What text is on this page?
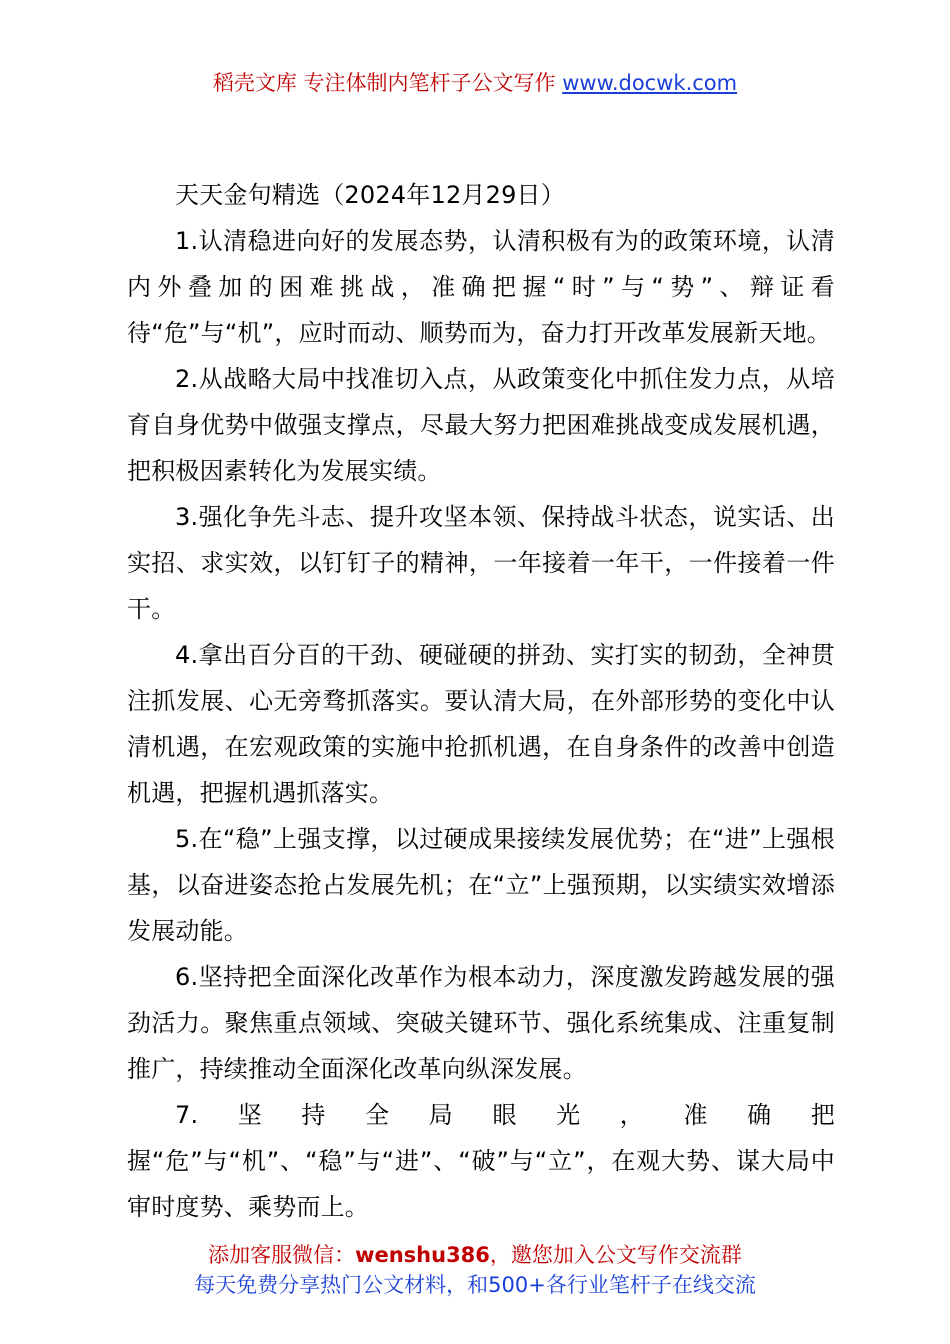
稻壳文库 专注体制内笔杆子公文写作 www.docwk.com

天天金句精选（2024年12月29日）

1.认清稳进向好的发展态势，认清积极有为的政策环境，认清内外叠加的困难挑战，准确把握“时”与“势”、辩证看待“危”与“机”，应时而动、顺势而为，奋力打开改革发展新天地。

2.从战略大局中找准切入点，从政策变化中抓住发力点，从培育自身优势中做强支撑点，尽最大努力把困难挑战变成发展机遇，把积极因素转化为发展实绩。

3.强化争先斗志、提升攻坚本领、保持战斗状态，说实话、出实招、求实效，以钉钉子的精神，一年接着一年干，一件接着一件干。

4.拿出百分百的干劲、硬碰硬的拼劲、实打实的韧劲，全神贯注抓发展、心无旁骛抓落实。要认清大局，在外部形势的变化中认清机遇，在宏观政策的实施中抢抓机遇，在自身条件的改善中创造机遇，把握机遇抓落实。

5.在“稳”上强支撑，以过硬成果接续发展优势；在“进”上强根基，以奋进姿态抢占发展先机；在“立”上强预期，以实绩实效增添发展动能。

6.坚持把全面深化改革作为根本动力，深度激发跨越发展的强劲活力。聚焦重点领域、突破关键环节、强化系统集成、注重复制推广，持续推动全面深化改革向纵深发展。

7.坚持全局眼光，准确把握“危”与“机”、“稳”与“进”、“破”与“立”，在观大势、谋大局中审时度势、乘势而上。

添加客服微信：wenshu386，邀您加入公文写作交流群
每天免费分享热门公文材料，和500+各行业笔杆子在线交流
